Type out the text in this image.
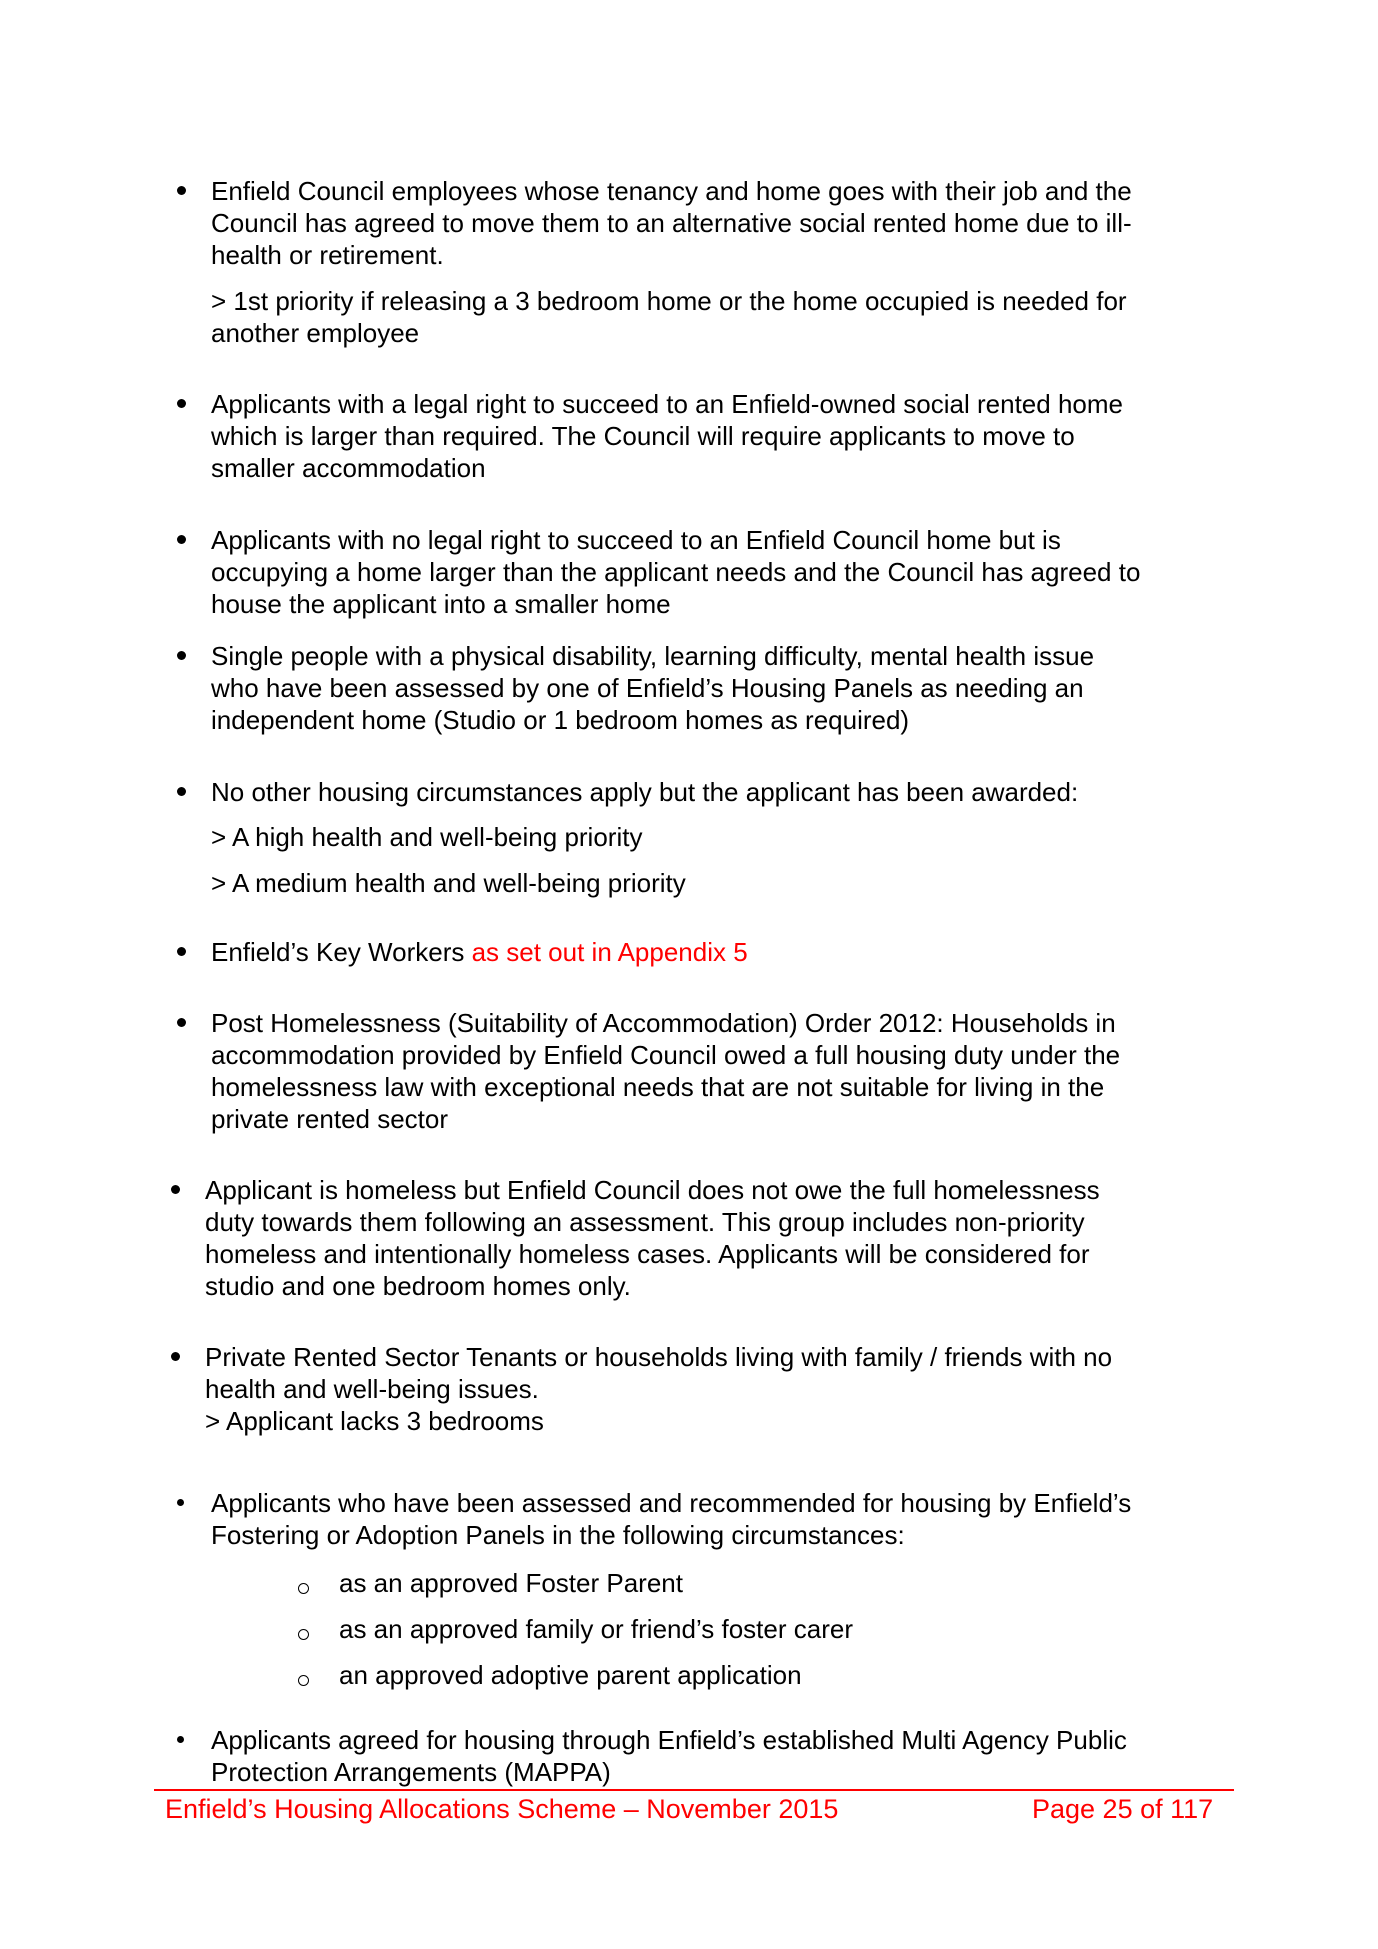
Enfield Council employees whose tenancy and home goes with their job and the
Council has agreed to move them to an alternative social rented home due to ill-
health or retirement.
> 1st priority if releasing a 3 bedroom home or the home occupied is needed for
another employee
Applicants with a legal right to succeed to an Enfield-owned social rented home
which is larger than required. The Council will require applicants to move to
smaller accommodation
Applicants with no legal right to succeed to an Enfield Council home but is
occupying a home larger than the applicant needs and the Council has agreed to
house the applicant into a smaller home
Single people with a physical disability, learning difficulty, mental health issue
who have been assessed by one of Enfield’s Housing Panels as needing an
independent home (Studio or 1 bedroom homes as required)
No other housing circumstances apply but the applicant has been awarded:
> A high health and well-being priority
> A medium health and well-being priority
Enfield’s Key Workers as set out in Appendix 5
Post Homelessness (Suitability of Accommodation) Order 2012: Households in
accommodation provided by Enfield Council owed a full housing duty under the
homelessness law with exceptional needs that are not suitable for living in the
private rented sector
Applicant is homeless but Enfield Council does not owe the full homelessness
duty towards them following an assessment. This group includes non-priority
homeless and intentionally homeless cases. Applicants will be considered for
studio and one bedroom homes only.
Private Rented Sector Tenants or households living with family / friends with no
health and well-being issues.
> Applicant lacks 3 bedrooms
Applicants who have been assessed and recommended for housing by Enfield’s
Fostering or Adoption Panels in the following circumstances:
as an approved Foster Parent
as an approved family or friend’s foster carer
an approved adoptive parent application
Applicants agreed for housing through Enfield’s established Multi Agency Public
Protection Arrangements (MAPPA)
Enfield’s Housing Allocations Scheme – November 2015	Page 25 of 117
